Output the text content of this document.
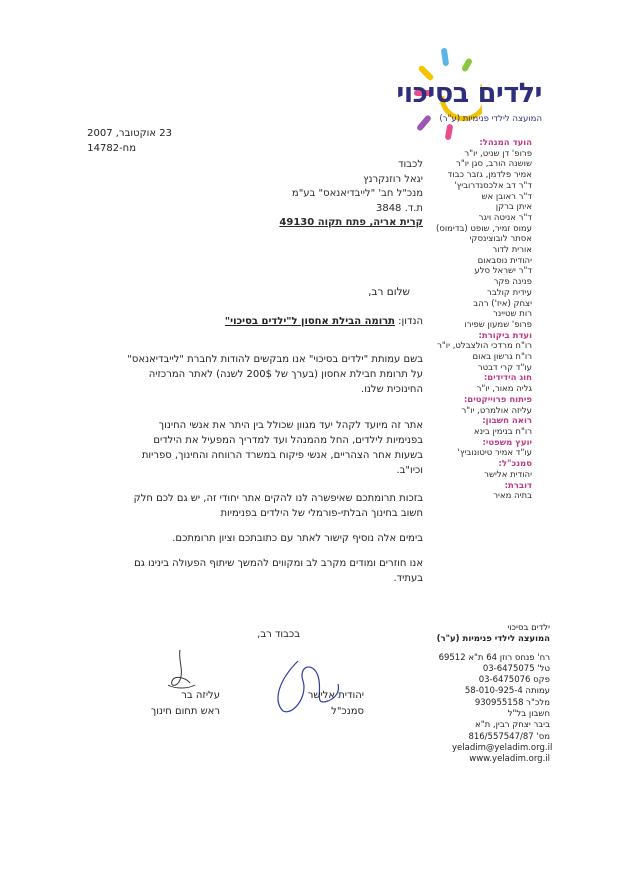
ילדים בסיכוי
המועצה לילדי פנימיות (ע"ר)
23 אוקטובר, 2007
מח-14782
לכבוד
יגאל רוזנקרנץ
מנכ"ל חב' "לייבדיאנאס" בע"מ
ת.ד. 3848
קרית אריה, פתח תקוה 49130
שלום רב,
הנדון: תרומה הבילת אחסון ל"ילדים בסיכוי"
בשם עמותת "ילדים בסיכוי" אנו מבקשים להודות לחברת "לייבדיאנאס"
על תרומת חבילת אחסון (בערך של 200$ לשנה) לאתר המרכזיה
החינוכית שלנו.
אתר זה מיועד לקהל יעד מגוון שכולל בין היתר את אנשי החינוך
בפנימיות לילדים, החל מהמנהל ועד למדריך המפעיל את הילדים
בשעות אחר הצהריים, אנשי פיקוח במשרד הרווחה והחינוך, ספריות
וכיו"ב.
בזכות תרומתכם שאיפשרה לנו להקים אתר יחודי זה, יש גם לכם חלק
חשוב בחינוך הבלתי-פורמלי של הילדים בפנימיות
בימים אלה נוסיף קישור לאתר עם כתובתכם וציון תרומתכם.
אנו חוזרים ומודים מקרב לב ומקווים להמשך שיתוף הפעולה בינינו גם
בעתיד.
בכבוד רב,
עליזה בר
ראש תחום חינוך
יהודית אלישר
סמנכ"ל
הועד המנהל:
פרופ' דן שניט, יו"ר
שושנה הורב, סגן יו"ר
אמיר פלדמן, גזבר כבוד
ד"ר דב אלכסנדרוביץ'
ד"ר ראובן אש
איתן ברקן
ד"ר אניטה ויגר
עמוס זמיר, שופט (בדימוס)
אסתר לובוצינסקי
אורית לדור
יהודית נוסבאום
ד"ר ישראל סלע
פנינה פקר
עידית קולבר
יצחק (איז') רהב
רות שטיינר
פרופ' שמעון שפירו
ועדת ביקורת:
רו"ח מרדכי הולצבלט, יו"ר
רו"ח גרשון באום
עו"ד קרי דבטר
חוג הידידים:
גליה מאור, יו"ר
פיתוח פרוייקטים:
עליזה אולמרט, יו"ר
רואה חשבון:
רו"ח בנימין בינא
יועץ משפטי:
עו"ד אמיר טיטונוביץ'
סמנכ"ל:
יהודית אלישר
דוברת:
בתיה מאיר
ילדים בסיכוי
המועצה לילדי פנימיות (ע"ר)
רח' פנחס רוזן 64 ת"א 69512
טל' 03-6475075
פקס 03-6475076
עמותה 58-010-925-4
מלכ"ר 930955158
חשבון בל"ל
ביבר יצחק רבין, ת"א
מס' 816/557547/87
yeladim@yeladim.org.il
www.yeladim.org.il
